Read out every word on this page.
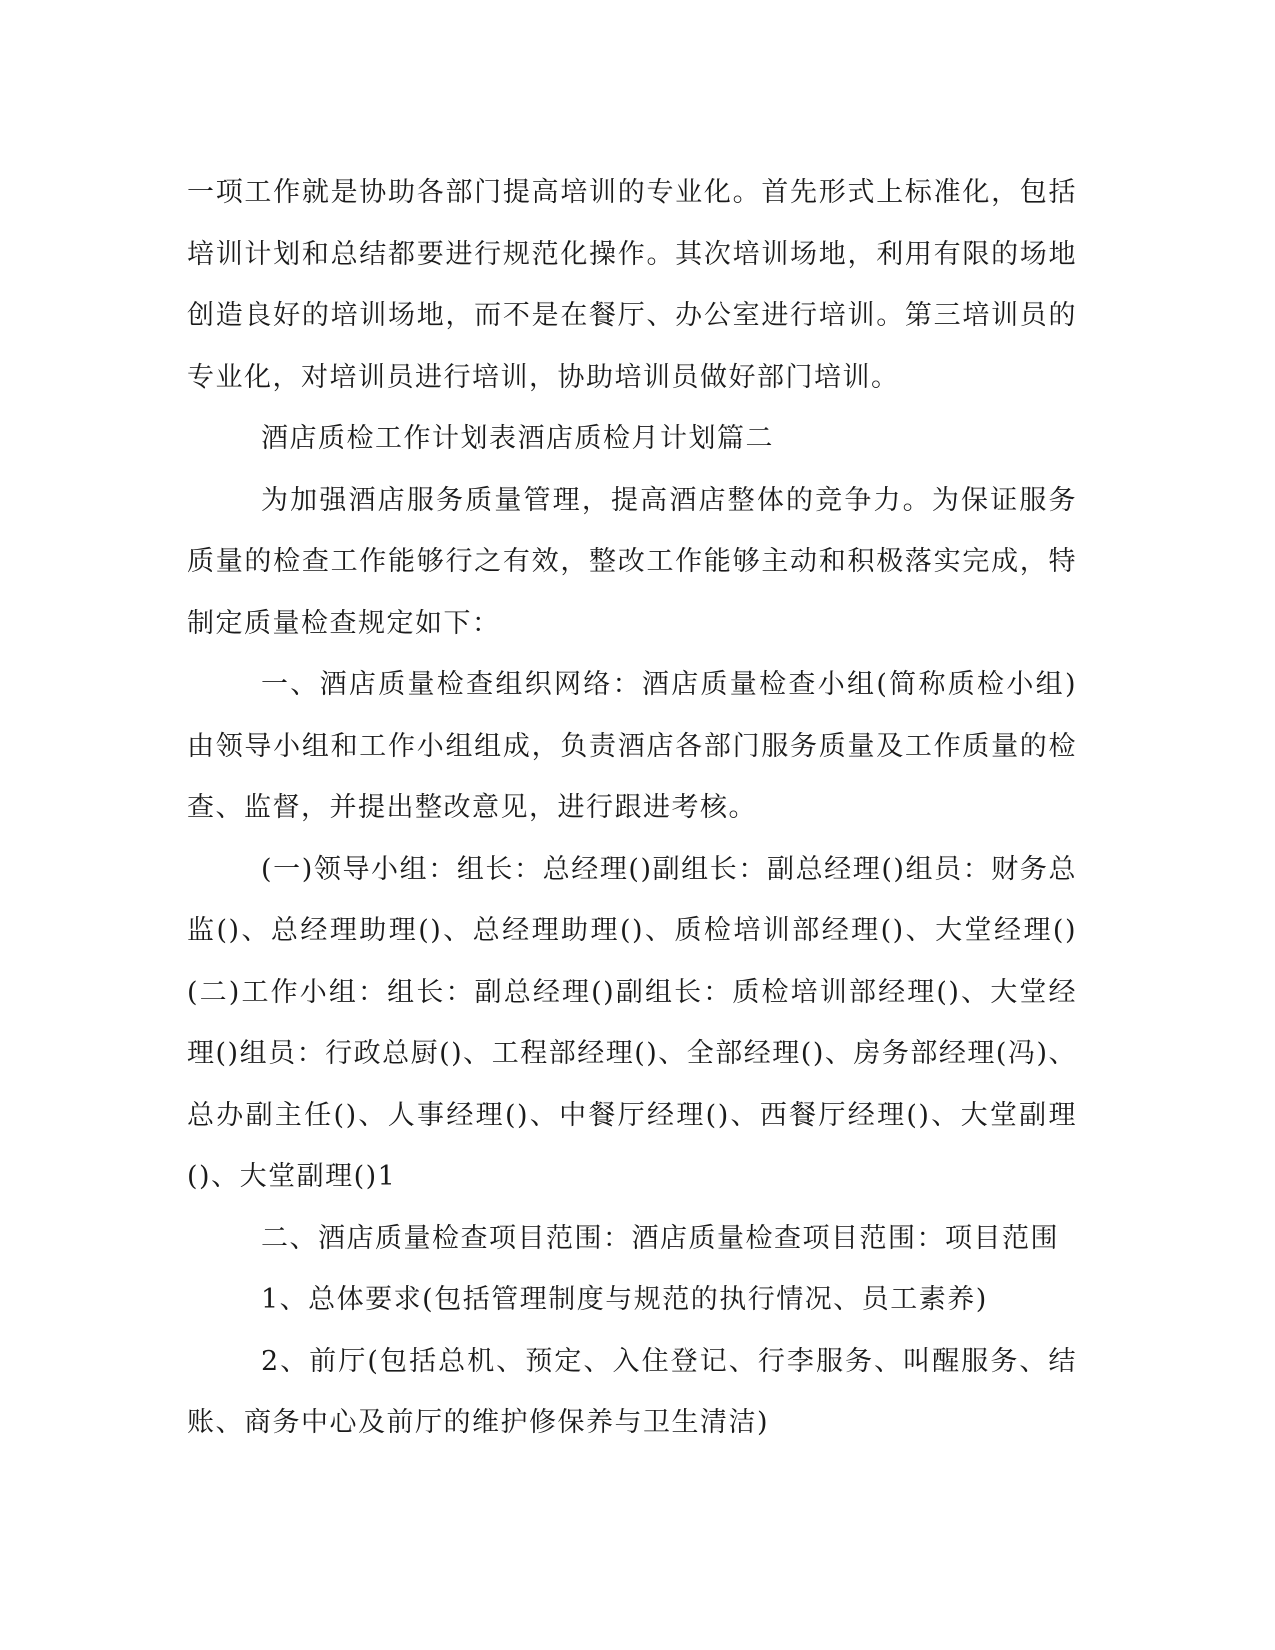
一项工作就是协助各部门提高培训的专业化。首先形式上标准化，包括培训计划和总结都要进行规范化操作。其次培训场地，利用有限的场地创造良好的培训场地，而不是在餐厅、办公室进行培训。第三培训员的专业化，对培训员进行培训，协助培训员做好部门培训。

酒店质检工作计划表酒店质检月计划篇二

为加强酒店服务质量管理，提高酒店整体的竞争力。为保证服务质量的检查工作能够行之有效，整改工作能够主动和积极落实完成，特制定质量检查规定如下：

一、酒店质量检查组织网络：酒店质量检查小组(简称质检小组)由领导小组和工作小组组成，负责酒店各部门服务质量及工作质量的检查、监督，并提出整改意见，进行跟进考核。

(一)领导小组：组长：总经理()副组长：副总经理()组员：财务总监()、总经理助理()、总经理助理()、质检培训部经理()、大堂经理()(二)工作小组：组长：副总经理()副组长：质检培训部经理()、大堂经理()组员：行政总厨()、工程部经理()、全部经理()、房务部经理(冯)、总办副主任()、人事经理()、中餐厅经理()、西餐厅经理()、大堂副理()、大堂副理()1

二、酒店质量检查项目范围：酒店质量检查项目范围：项目范围

1、总体要求(包括管理制度与规范的执行情况、员工素养)

2、前厅(包括总机、预定、入住登记、行李服务、叫醒服务、结账、商务中心及前厅的维护修保养与卫生清洁)
